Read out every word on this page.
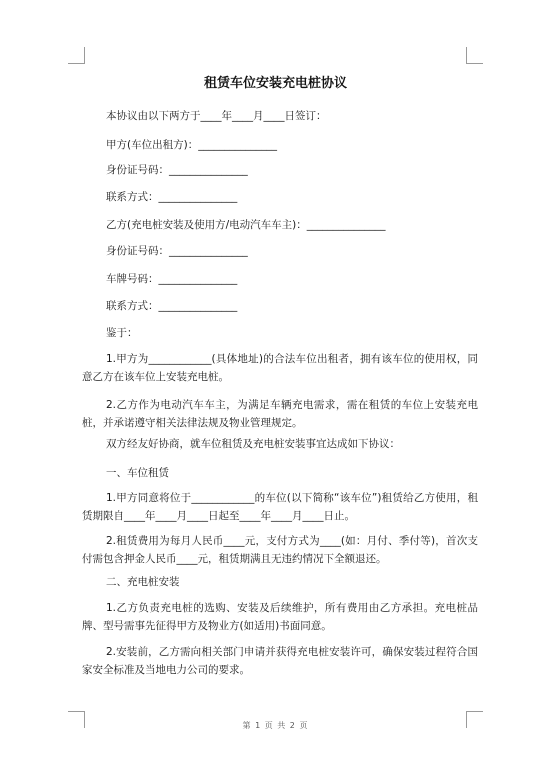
租赁车位安装充电桩协议
本协议由以下两方于____年____月____日签订：
甲方(车位出租方)：_______________
身份证号码：_______________
联系方式：_______________
乙方(充电桩安装及使用方/电动汽车车主)：_______________
身份证号码：_______________
车牌号码：_______________
联系方式：_______________
鉴于：
1.甲方为____________(具体地址)的合法车位出租者，拥有该车位的使用权，同意乙方在该车位上安装充电桩。
2.乙方作为电动汽车车主，为满足车辆充电需求，需在租赁的车位上安装充电桩，并承诺遵守相关法律法规及物业管理规定。
双方经友好协商，就车位租赁及充电桩安装事宜达成如下协议：
一、车位租赁
1.甲方同意将位于____________的车位(以下简称“该车位”)租赁给乙方使用，租赁期限自____年____月____日起至____年____月____日止。
2.租赁费用为每月人民币____元，支付方式为____(如：月付、季付等)，首次支付需包含押金人民币____元，租赁期满且无违约情况下全额退还。
二、充电桩安装
1.乙方负责充电桩的选购、安装及后续维护，所有费用由乙方承担。充电桩品牌、型号需事先征得甲方及物业方(如适用)书面同意。
2.安装前，乙方需向相关部门申请并获得充电桩安装许可，确保安装过程符合国家安全标准及当地电力公司的要求。
第 1 页 共 2 页
